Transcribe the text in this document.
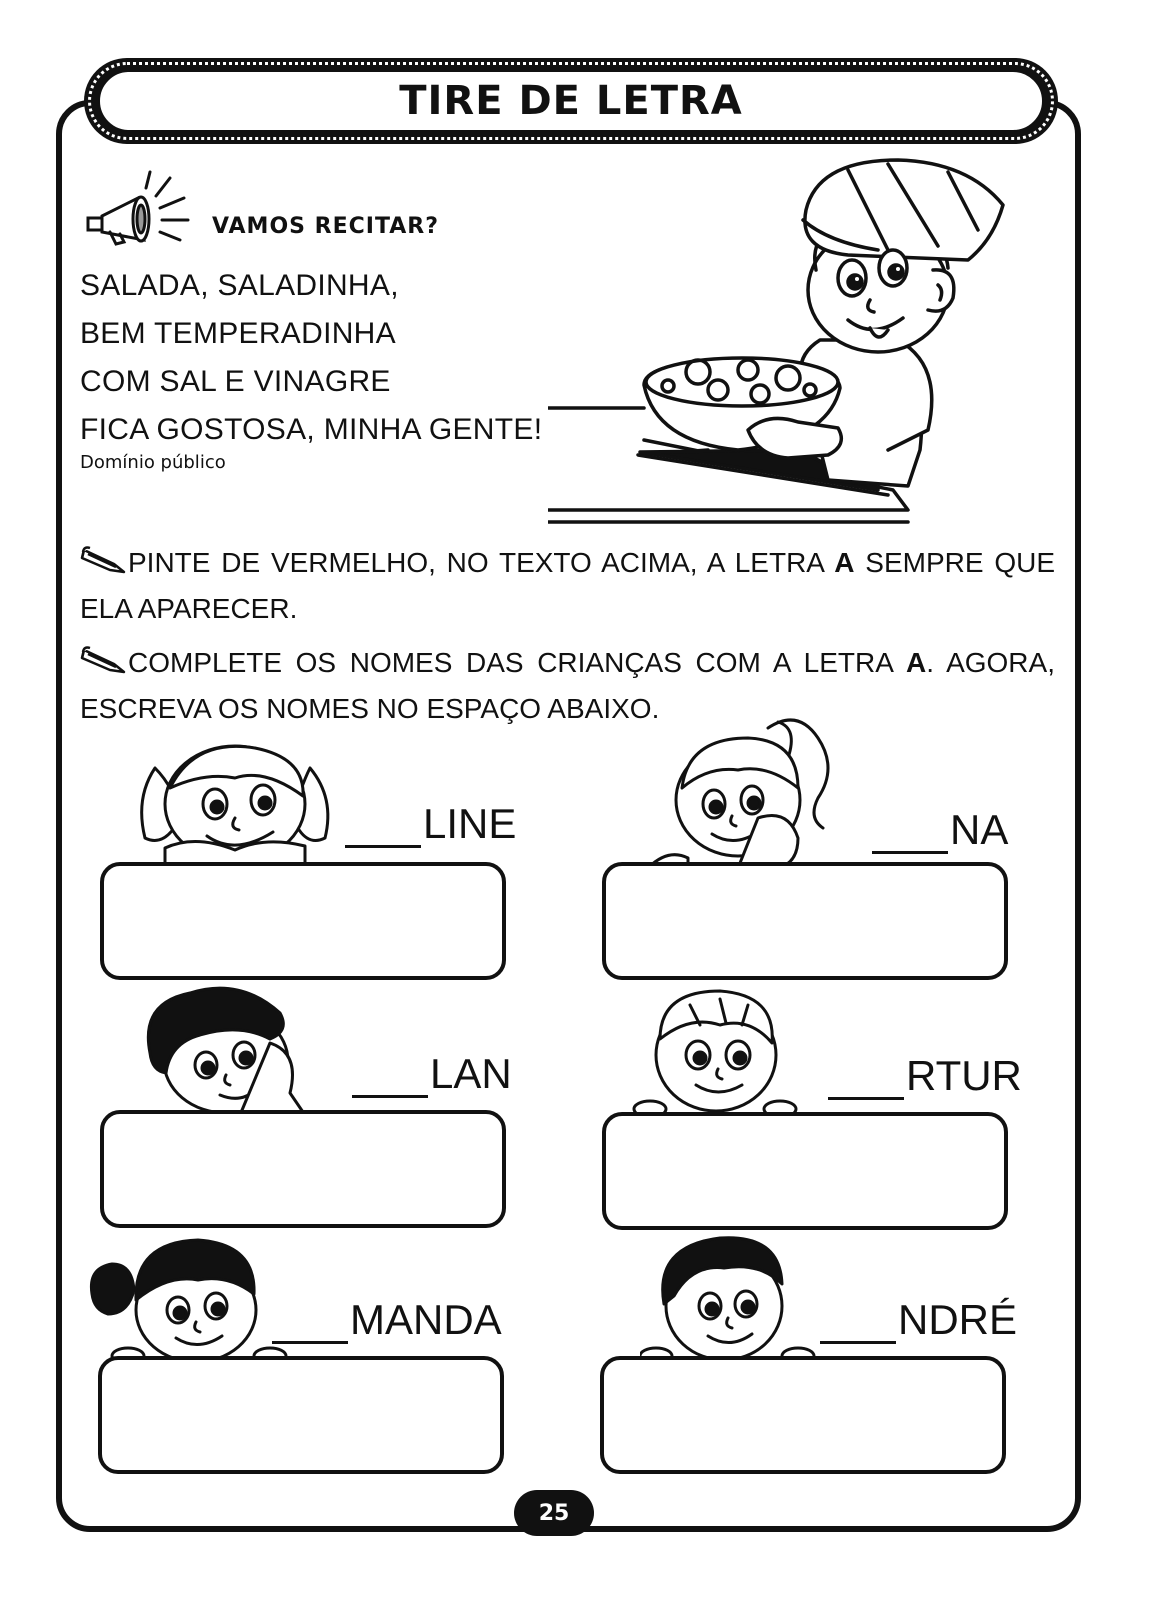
TIRE DE LETRA
VAMOS RECITAR?
SALADA, SALADINHA,
BEM TEMPERADINHA
COM SAL E VINAGRE
FICA GOSTOSA, MINHA GENTE!
Domínio público
PINTE DE VERMELHO, NO TEXTO ACIMA, A LETRA A SEMPRE QUE ELA APARECER.
COMPLETE OS NOMES DAS CRIANÇAS COM A LETRA A. AGORA, ESCREVA OS NOMES NO ESPAÇO ABAIXO.
LINE	NA
LAN	RTUR
MANDA	NDRÉ
25
